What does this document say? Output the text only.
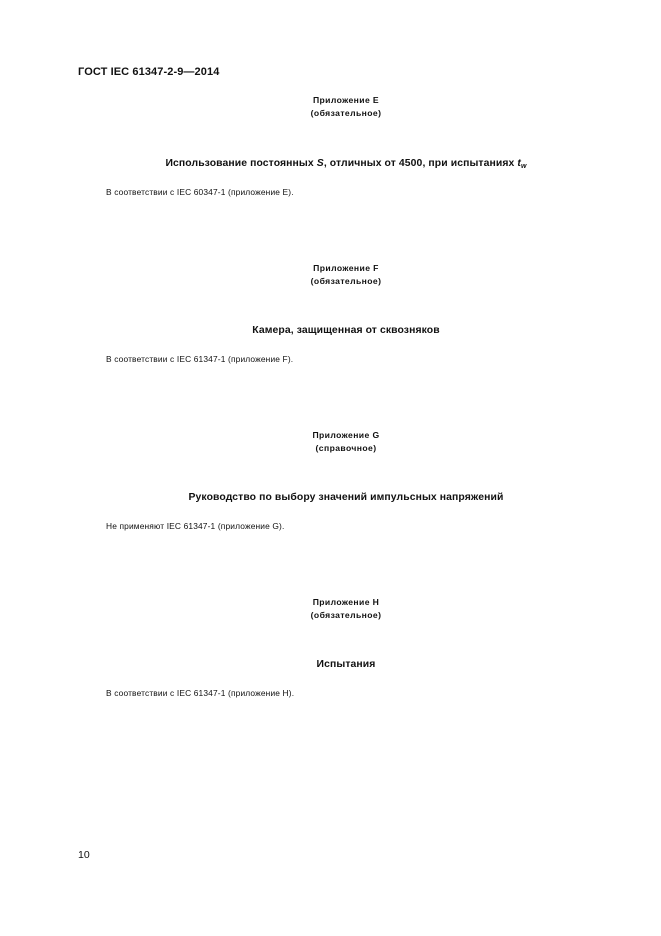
ГОСТ IEC 61347-2-9—2014
Приложение E
(обязательное)
Использование постоянных S, отличных от 4500, при испытаниях $t_w$
В соответствии с IEC 60347-1 (приложение E).
Приложение F
(обязательное)
Камера, защищенная от сквозняков
В соответствии с IEC 61347-1 (приложение F).
Приложение G
(справочное)
Руководство по выбору значений импульсных напряжений
Не применяют IEC 61347-1 (приложение G).
Приложение H
(обязательное)
Испытания
В соответствии с IEC 61347-1 (приложение H).
10
